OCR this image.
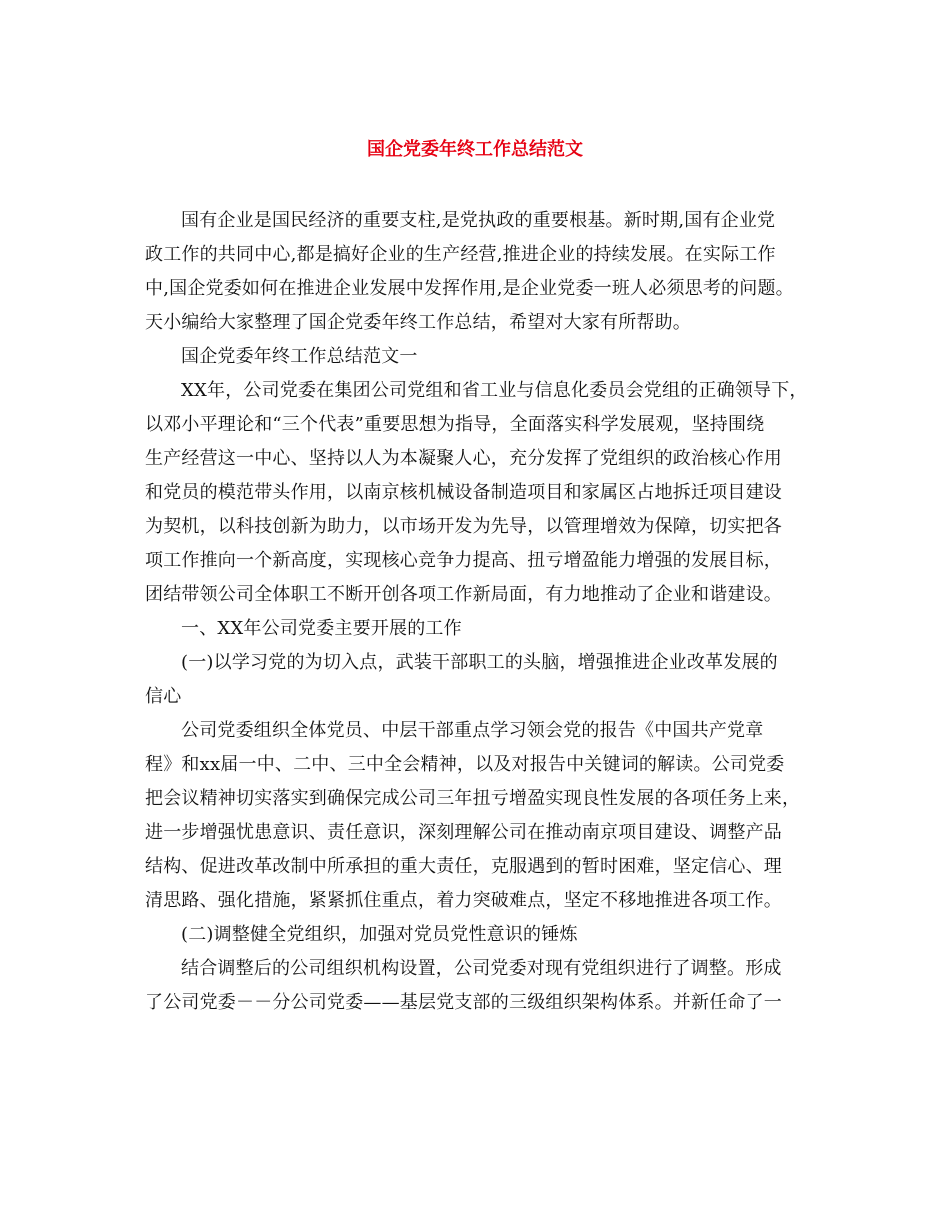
国企党委年终工作总结范文
国有企业是国民经济的重要支柱,是党执政的重要根基。新时期,国有企业党
政工作的共同中心,都是搞好企业的生产经营,推进企业的持续发展。在实际工作
中,国企党委如何在推进企业发展中发挥作用,是企业党委一班人必须思考的问题。
天小编给大家整理了国企党委年终工作总结，希望对大家有所帮助。
国企党委年终工作总结范文一
XX年，公司党委在集团公司党组和省工业与信息化委员会党组的正确领导下，
以邓小平理论和“三个代表”重要思想为指导，全面落实科学发展观，坚持围绕
生产经营这一中心、坚持以人为本凝聚人心，充分发挥了党组织的政治核心作用
和党员的模范带头作用，以南京核机械设备制造项目和家属区占地拆迁项目建设
为契机，以科技创新为助力，以市场开发为先导，以管理增效为保障，切实把各
项工作推向一个新高度，实现核心竞争力提高、扭亏增盈能力增强的发展目标，
团结带领公司全体职工不断开创各项工作新局面，有力地推动了企业和谐建设。
一、XX年公司党委主要开展的工作
(一)以学习党的为切入点，武装干部职工的头脑，增强推进企业改革发展的
信心
公司党委组织全体党员、中层干部重点学习领会党的报告《中国共产党章
程》和xx届一中、二中、三中全会精神，以及对报告中关键词的解读。公司党委
把会议精神切实落实到确保完成公司三年扭亏增盈实现良性发展的各项任务上来，
进一步增强忧患意识、责任意识，深刻理解公司在推动南京项目建设、调整产品
结构、促进改革改制中所承担的重大责任，克服遇到的暂时困难，坚定信心、理
清思路、强化措施，紧紧抓住重点，着力突破难点，坚定不移地推进各项工作。
(二)调整健全党组织，加强对党员党性意识的锤炼
结合调整后的公司组织机构设置，公司党委对现有党组织进行了调整。形成
了公司党委－－分公司党委——基层党支部的三级组织架构体系。并新任命了一
